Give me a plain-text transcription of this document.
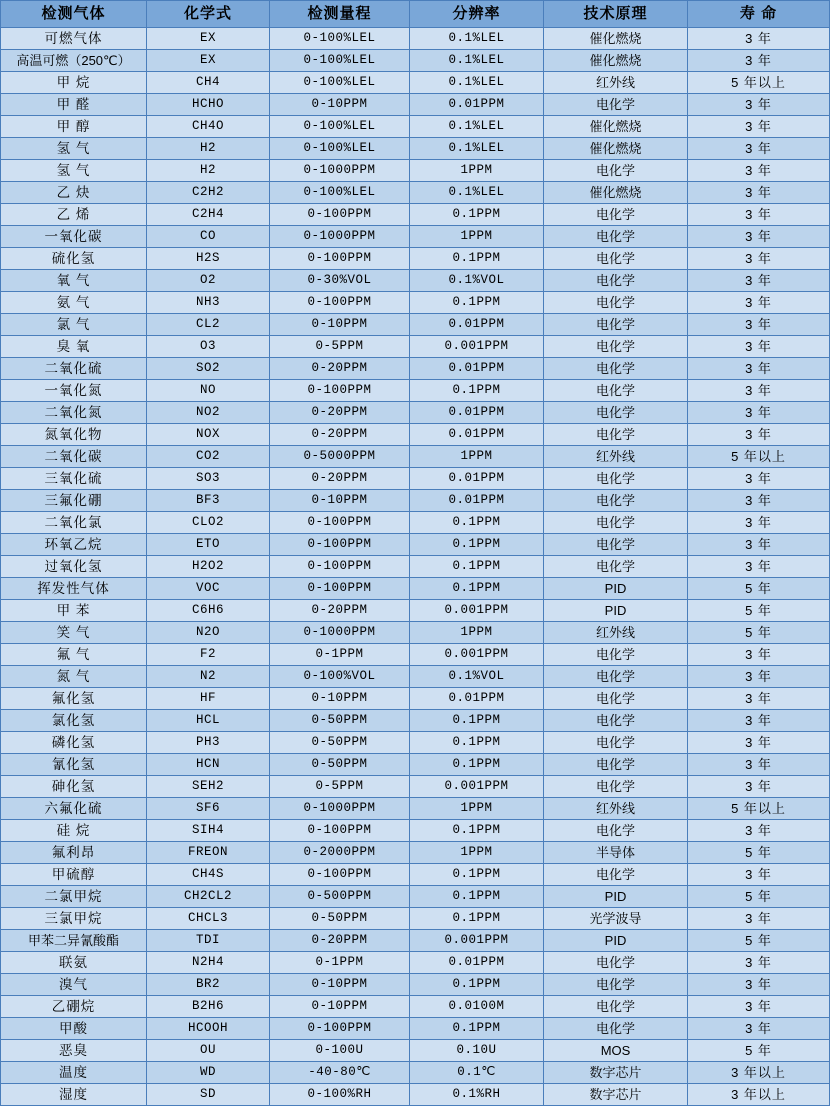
检测气体	化学式	检测量程	分辨率	技术原理	寿 命
可燃气体	EX	0-100%LEL	0.1%LEL	催化燃烧	3 年
高温可燃（250℃）	EX	0-100%LEL	0.1%LEL	催化燃烧	3 年
甲 烷	CH4	0-100%LEL	0.1%LEL	红外线	5 年以上
甲 醛	HCHO	0-10PPM	0.01PPM	电化学	3 年
甲 醇	CH4O	0-100%LEL	0.1%LEL	催化燃烧	3 年
氢 气	H2	0-100%LEL	0.1%LEL	催化燃烧	3 年
氢 气	H2	0-1000PPM	1PPM	电化学	3 年
乙 炔	C2H2	0-100%LEL	0.1%LEL	催化燃烧	3 年
乙 烯	C2H4	0-100PPM	0.1PPM	电化学	3 年
一氧化碳	CO	0-1000PPM	1PPM	电化学	3 年
硫化氢	H2S	0-100PPM	0.1PPM	电化学	3 年
氧 气	O2	0-30%VOL	0.1%VOL	电化学	3 年
氨 气	NH3	0-100PPM	0.1PPM	电化学	3 年
氯 气	CL2	0-10PPM	0.01PPM	电化学	3 年
臭 氧	O3	0-5PPM	0.001PPM	电化学	3 年
二氧化硫	SO2	0-20PPM	0.01PPM	电化学	3 年
一氧化氮	NO	0-100PPM	0.1PPM	电化学	3 年
二氧化氮	NO2	0-20PPM	0.01PPM	电化学	3 年
氮氧化物	NOX	0-20PPM	0.01PPM	电化学	3 年
二氧化碳	CO2	0-5000PPM	1PPM	红外线	5 年以上
三氧化硫	SO3	0-20PPM	0.01PPM	电化学	3 年
三氟化硼	BF3	0-10PPM	0.01PPM	电化学	3 年
二氧化氯	CLO2	0-100PPM	0.1PPM	电化学	3 年
环氧乙烷	ETO	0-100PPM	0.1PPM	电化学	3 年
过氧化氢	H2O2	0-100PPM	0.1PPM	电化学	3 年
挥发性气体	VOC	0-100PPM	0.1PPM	PID	5 年
甲 苯	C6H6	0-20PPM	0.001PPM	PID	5 年
笑 气	N2O	0-1000PPM	1PPM	红外线	5 年
氟 气	F2	0-1PPM	0.001PPM	电化学	3 年
氮 气	N2	0-100%VOL	0.1%VOL	电化学	3 年
氟化氢	HF	0-10PPM	0.01PPM	电化学	3 年
氯化氢	HCL	0-50PPM	0.1PPM	电化学	3 年
磷化氢	PH3	0-50PPM	0.1PPM	电化学	3 年
氰化氢	HCN	0-50PPM	0.1PPM	电化学	3 年
砷化氢	SEH2	0-5PPM	0.001PPM	电化学	3 年
六氟化硫	SF6	0-1000PPM	1PPM	红外线	5 年以上
硅 烷	SIH4	0-100PPM	0.1PPM	电化学	3 年
氟利昂	FREON	0-2000PPM	1PPM	半导体	5 年
甲硫醇	CH4S	0-100PPM	0.1PPM	电化学	3 年
二氯甲烷	CH2CL2	0-500PPM	0.1PPM	PID	5 年
三氯甲烷	CHCL3	0-50PPM	0.1PPM	光学波导	3 年
甲苯二异氰酸酯	TDI	0-20PPM	0.001PPM	PID	5 年
联氨	N2H4	0-1PPM	0.01PPM	电化学	3 年
溴气	BR2	0-10PPM	0.1PPM	电化学	3 年
乙硼烷	B2H6	0-10PPM	0.0100M	电化学	3 年
甲酸	HCOOH	0-100PPM	0.1PPM	电化学	3 年
恶臭	OU	0-100U	0.10U	MOS	5 年
温度	WD	-40-80℃	0.1℃	数字芯片	3 年以上
湿度	SD	0-100%RH	0.1%RH	数字芯片	3 年以上
